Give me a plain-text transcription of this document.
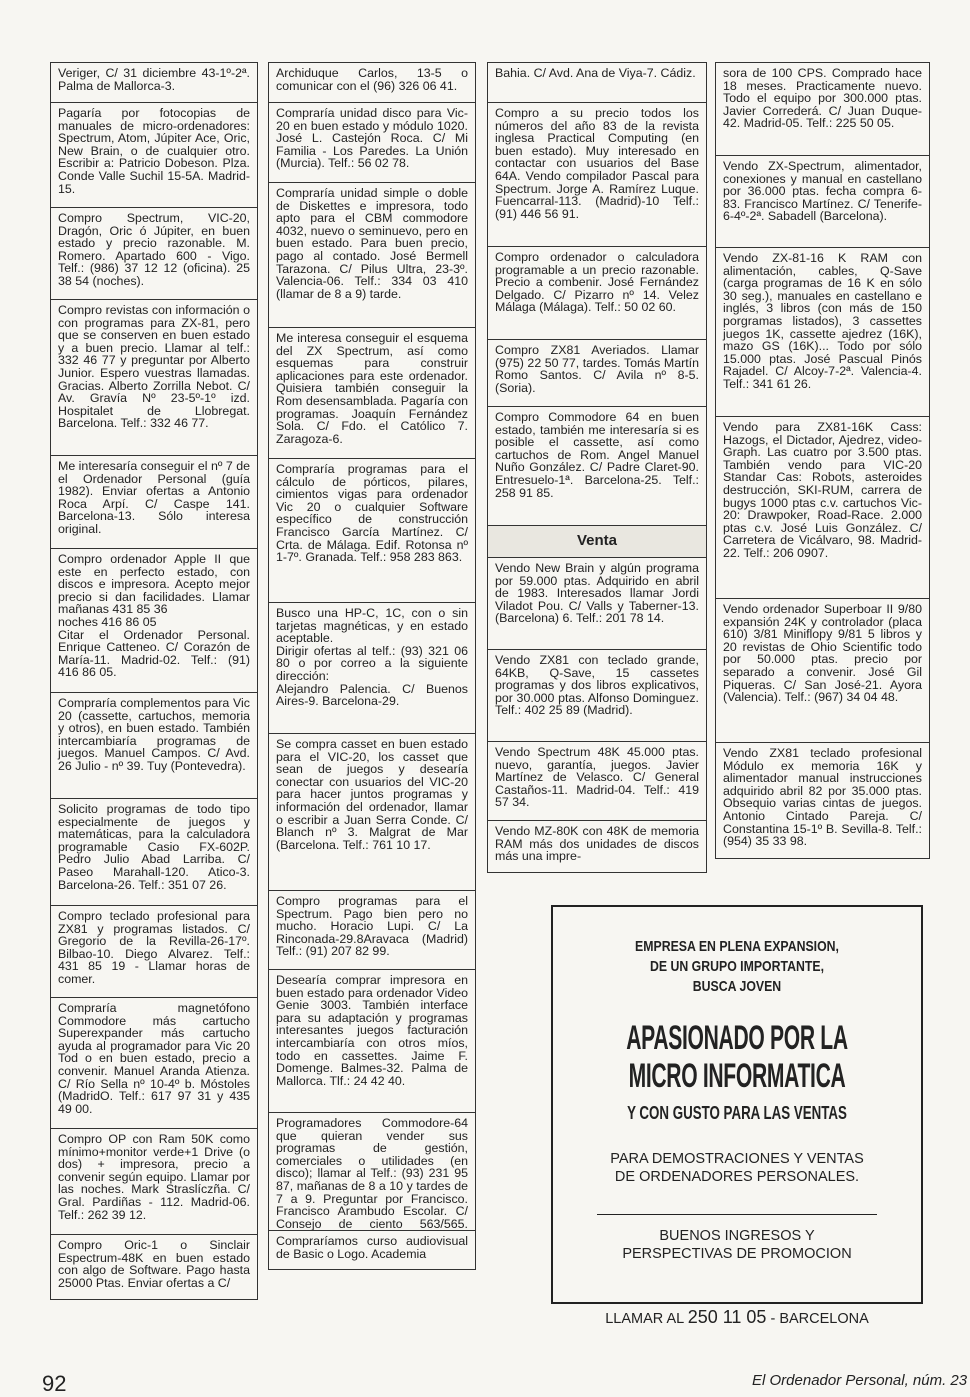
Veriger, C/ 31 diciembre 43-1º-2ª. Palma de Mallorca-3.
Pagaría por fotocopias de manuales de micro-ordenadores: Spectrum, Atom, Júpiter Ace, Oric, New Brain, o de cualquier otro. Escribir a: Patricio Dobeson. Plza. Conde Valle Suchil 15-5A. Madrid-15.
Compro Spectrum, VIC-20, Dragón, Oric ó Júpiter, en buen estado y precio razonable. M. Romero. Apartado 600 - Vigo. Telf.: (986) 37 12 12 (oficina). 25 38 54 (noches).
Compro revistas con información o con programas para ZX-81, pero que se conserven en buen estado y a buen precio. Llamar al telf.: 332 46 77 y preguntar por Alberto Junior. Espero vuestras llamadas. Gracias. Alberto Zorrilla Nebot. C/ Av. Gravía Nº 23-5º-1º izd. Hospitalet de Llobregat. Barcelona. Telf.: 332 46 77.
Me interesaría conseguir el nº 7 de el Ordenador Personal (guía 1982). Enviar ofertas a Antonio Roca Arpí. C/ Caspe 141. Barcelona-13. Sólo interesa original.
Compro ordenador Apple II que este en perfecto estado, con discos e impresora. Acepto mejor precio si dan facilidades. Llamar mañanas 431 85 36
noches 416 86 05
Citar el Ordenador Personal. Enrique Catteneo. C/ Corazón de María-11. Madrid-02. Telf.: (91) 416 86 05.
Compraría complementos para Vic 20 (cassette, cartuchos, memoria y otros), en buen estado. También intercambiaría programas de juegos. Manuel Campos. C/ Avd. 26 Julio - nº 39. Tuy (Pontevedra).
Solicito programas de todo tipo especialmente de juegos y matemáticas, para la calculadora programable Casio FX-602P. Pedro Julio Abad Larriba. C/ Paseo Marahall-120. Atico-3. Barcelona-26. Telf.: 351 07 26.
Compro teclado profesional para ZX81 y programas listados. C/ Gregorio de la Revilla-26-17º. Bilbao-10. Diego Alvarez. Telf.: 431 85 19 - Llamar horas de comer.
Compraría magnetófono Commodore más cartucho Superexpander más cartucho ayuda al programador para Vic 20 Tod o en buen estado, precio a convenir. Manuel Aranda Atienza. C/ Río Sella nº 10-4º b. Móstoles (MadridO. Telf.: 617 97 31 y 435 49 00.
Compro OP con Ram 50K como mínimo+monitor verde+1 Drive (o dos) + impresora, precio a convenir según equipo. Llamar por las noches. Mark Straslíczña. C/ Gral. Pardiñas - 112. Madrid-06. Telf.: 262 39 12.
Compro Oric-1 o Sinclair Espectrum-48K en buen estado con algo de Software. Pago hasta 25000 Ptas. Enviar ofertas a C/
Archiduque Carlos, 13-5 o comunicar con el (96) 326 06 41.
Compraría unidad disco para Vic-20 en buen estado y módulo 1020. José L. Castejón Roca. C/ Mi Familia - Los Paredes. La Unión (Murcia). Telf.: 56 02 78.
Compraría unidad simple o doble de Diskettes e impresora, todo apto para el CBM commodore 4032, nuevo o seminuevo, pero en buen estado. Para buen precio, pago al contado. José Bermell Tarazona. C/ Pilus Ultra, 23-3º. Valencia-06. Telf.: 334 03 410 (llamar de 8 a 9) tarde.
Me interesa conseguir el esquema del ZX Spectrum, así como esquemas para construir aplicaciones para este ordenador. Quisiera también conseguir la Rom desensamblada. Pagaría con programas. Joaquín Fernández Sola. C/ Fdo. el Católico 7. Zaragoza-6.
Compraría programas para el cálculo de pórticos, pilares, cimientos vigas para ordenador Vic 20 o cualquier Software específico de construcción Francisco García Martínez. C/ Crta. de Málaga. Edif. Rotonsa nº 1-7º. Granada. Telf.: 958 283 863.
Busco una HP-C, 1C, con o sin tarjetas magnéticas, y en estado aceptable.
Dirigir ofertas al telf.: (93) 321 06 80 o por correo a la siguiente dirección:
Alejandro Palencia. C/ Buenos Aires-9. Barcelona-29.
Se compra casset en buen estado para el VIC-20, los casset que sean de juegos y desearía conectar con usuarios del VIC-20 para hacer juntos programas y información del ordenador, llamar o escribir a Juan Serra Conde. C/ Blanch nº 3. Malgrat de Mar (Barcelona. Telf.: 761 10 17.
Compro programas para el Spectrum. Pago bien pero no mucho. Horacio Lupi. C/ La Rinconada-29.8Aravaca (Madrid) Telf.: (91) 207 82 99.
Desearía comprar impresora en buen estado para ordenador Video Genie 3003. También interface para su adaptación y programas interesantes juegos facturación intercambiaría con otros míos, todo en cassettes. Jaime F. Domenge. Balmes-32. Palma de Mallorca. Tlf.: 24 42 40.
Programadores Commodore-64 que quieran vender sus programas de gestión, comerciales o utilidades (en disco); llamar al Telf.: (93) 231 95 87, mañanas de 8 a 10 y tardes de 7 a 9. Preguntar por Francisco. Francisco Arambudo Escolar. C/ Consejo de ciento 563/565.
Compraríamos curso audiovisual de Basic o Logo. Academia
Bahia. C/ Avd. Ana de Viya-7. Cádiz.
Compro a su precio todos los números del año 83 de la revista inglesa Practical Computing (en buen estado). Muy interesado en contactar con usuarios del Base 64A. Vendo compilador Pascal para Spectrum. Jorge A. Ramírez Luque. Fuencarral-113. (Madrid)-10 Telf.: (91) 446 56 91.
Compro ordenador o calculadora programable a un precio razonable. Precio a combenir. José Fernández Delgado. C/ Pizarro nº 14. Velez Málaga (Málaga). Telf.: 50 02 60.
Compro ZX81 Averiados. Llamar (975) 22 50 77, tardes. Tomás Martín Romo Santos. C/ Avila nº 8-5. (Soria).
Compro Commodore 64 en buen estado, también me interesaría si es posible el cassette, así como cartuchos de Rom. Angel Manuel Nuño González. C/ Padre Claret-90. Entresuelo-1ª. Barcelona-25. Telf.: 258 91 85.
Venta
Vendo New Brain y algún programa por 59.000 ptas. Adquirido en abril de 1983. Interesados llamar Jordi Viladot Pou. C/ Valls y Taberner-13. (Barcelona) 6. Telf.: 201 78 14.
Vendo ZX81 con teclado grande, 64KB, Q-Save, 15 cassetes programas y dos libros explicativos, por 30.000 ptas. Alfonso Dominguez. Telf.: 402 25 89 (Madrid).
Vendo Spectrum 48K 45.000 ptas. nuevo, garantía, juegos. Javier Martínez de Velasco. C/ General Castaños-11. Madrid-04. Telf.: 419 57 34.
Vendo MZ-80K con 48K de memoria RAM más dos unidades de discos más una impre-
sora de 100 CPS. Comprado hace 18 meses. Practicamente nuevo. Todo el equipo por 300.000 ptas. Javier Correderá. C/ Juan Duque-42. Madrid-05. Telf.: 225 50 05.
Vendo ZX-Spectrum, alimentador, conexiones y manual en castellano por 36.000 ptas. fecha compra 6-83. Francisco Martínez. C/ Tenerife-6-4º-2ª. Sabadell (Barcelona).
Vendo ZX-81-16 K RAM con alimentación, cables, Q-Save (carga programas de 16 K en sólo 30 seg.), manuales en castellano e inglés, 3 libros (con más de 150 porgramas listados), 3 cassettes juegos 1K, cassette ajedrez (16K), mazo GS (16K)... Todo por sólo 15.000 ptas. José Pascual Pinós Rajadel. C/ Alcoy-7-2ª. Valencia-4. Telf.: 341 61 26.
Vendo para ZX81-16K Cass: Hazogs, el Dictador, Ajedrez, video-Graph. Las cuatro por 3.500 ptas. También vendo para VIC-20 Standar Cas: Robots, asteroides destrucción, SKI-RUM, carrera de bugys 1000 ptas c.v. cartuchos Vic-20: Drawpoker, Road-Race. 2.000 ptas c.v. José Luis González. C/ Carretera de Vicálvaro, 98. Madrid-22. Telf.: 206 0907.
Vendo ordenador Superboar II 9/80 expansión 24K y controlador (placa 610) 3/81 Miniflopy 9/81 5 libros y 20 revistas de Ohio Scientific todo por 50.000 ptas. precio por separado a convenir. José Gil Piqueras. C/ San José-21. Ayora (Valencia). Telf.: (967) 34 04 48.
Vendo ZX81 teclado profesional Módulo ex memoria 16K y alimentador manual instrucciones adquirido abril 82 por 35.000 ptas. Obsequio varias cintas de juegos. Antonio Cintado Pareja. C/ Constantina 15-1º B. Sevilla-8. Telf.: (954) 35 33 98.
EMPRESA EN PLENA EXPANSION,
DE UN GRUPO IMPORTANTE,
BUSCA JOVEN
APASIONADO POR LA
MICRO INFORMATICA
Y CON GUSTO PARA LAS VENTAS
PARA DEMOSTRACIONES Y VENTAS
DE ORDENADORES PERSONALES.
BUENOS INGRESOS Y
PERSPECTIVAS DE PROMOCION
LLAMAR AL 250 11 05 - BARCELONA
92	El Ordenador Personal, núm. 23
